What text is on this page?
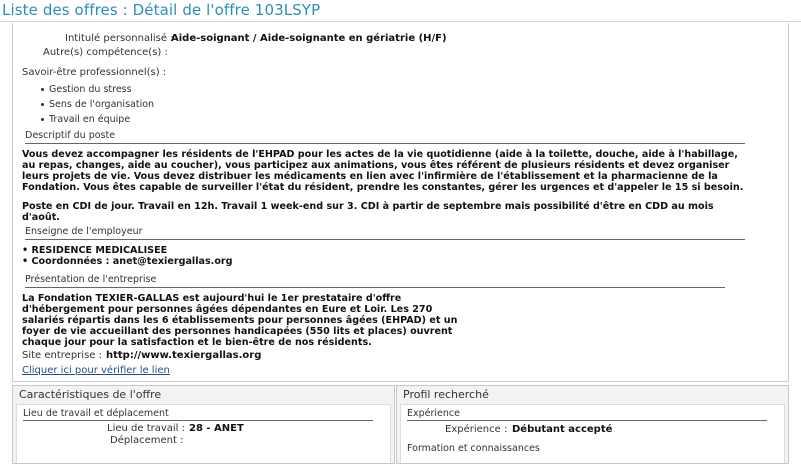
Liste des offres : Détail de l'offre 103LSYP
Intitulé personnalisé :
Aide-soignant / Aide-soignante en gériatrie (H/F)
Autre(s) compétence(s) :
Savoir-être professionnel(s) :
Gestion du stress
Sens de l'organisation
Travail en équipe
Descriptif du poste
Vous devez accompagner les résidents de l'EHPAD pour les actes de la vie quotidienne (aide à la toilette, douche, aide à l'habillage,
au repas, changes, aide au coucher), vous participez aux animations, vous êtes référent de plusieurs résidents et devez organiser
leurs projets de vie. Vous devez distribuer les médicaments en lien avec l'infirmière de l'établissement et la pharmacienne de la
Fondation. Vous êtes capable de surveiller l'état du résident, prendre les constantes, gérer les urgences et d'appeler le 15 si besoin.
Poste en CDI de jour. Travail en 12h. Travail 1 week-end sur 3. CDI à partir de septembre mais possibilité d'être en CDD au mois
d'août.
Enseigne de l'employeur
• RESIDENCE MEDICALISEE
• Coordonnées : anet@texiergallas.org
Présentation de l'entreprise
La Fondation TEXIER-GALLAS est aujourd'hui le 1er prestataire d'offre
d'hébergement pour personnes âgées dépendantes en Eure et Loir. Les 270
salariés répartis dans les 6 établissements pour personnes âgées (EHPAD) et un
foyer de vie accueillant des personnes handicapées (550 lits et places) ouvrent
chaque jour pour la satisfaction et le bien-être de nos résidents.
Site entreprise : http://www.texiergallas.org
Cliquer ici pour vérifier le lien
Caractéristiques de l'offre
Lieu de travail et déplacement
Lieu de travail : 28 - ANET
Déplacement :
Profil recherché
Expérience
Expérience : Débutant accepté
Formation et connaissances
